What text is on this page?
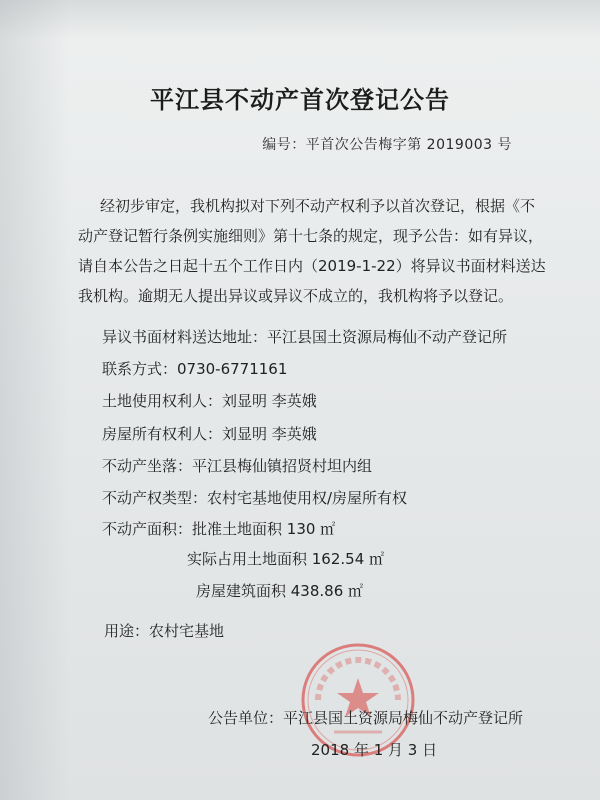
平江县不动产首次登记公告
编号：平首次公告梅字第 2019003 号
经初步审定，我机构拟对下列不动产权利予以首次登记，根据《不
动产登记暂行条例实施细则》第十七条的规定，现予公告：如有异议，
请自本公告之日起十五个工作日内（2019-1-22）将异议书面材料送达
我机构。逾期无人提出异议或异议不成立的，我机构将予以登记。
异议书面材料送达地址：平江县国土资源局梅仙不动产登记所
联系方式：0730-6771161
土地使用权利人：刘显明 李英娥
房屋所有权利人：刘显明 李英娥
不动产坐落：平江县梅仙镇招贤村坦内组
不动产权类型：农村宅基地使用权/房屋所有权
不动产面积：批准土地面积 130 ㎡
实际占用土地面积 162.54 ㎡
房屋建筑面积 438.86 ㎡
用途：农村宅基地
公告单位：平江县国土资源局梅仙不动产登记所
2018 年 1 月 3 日
